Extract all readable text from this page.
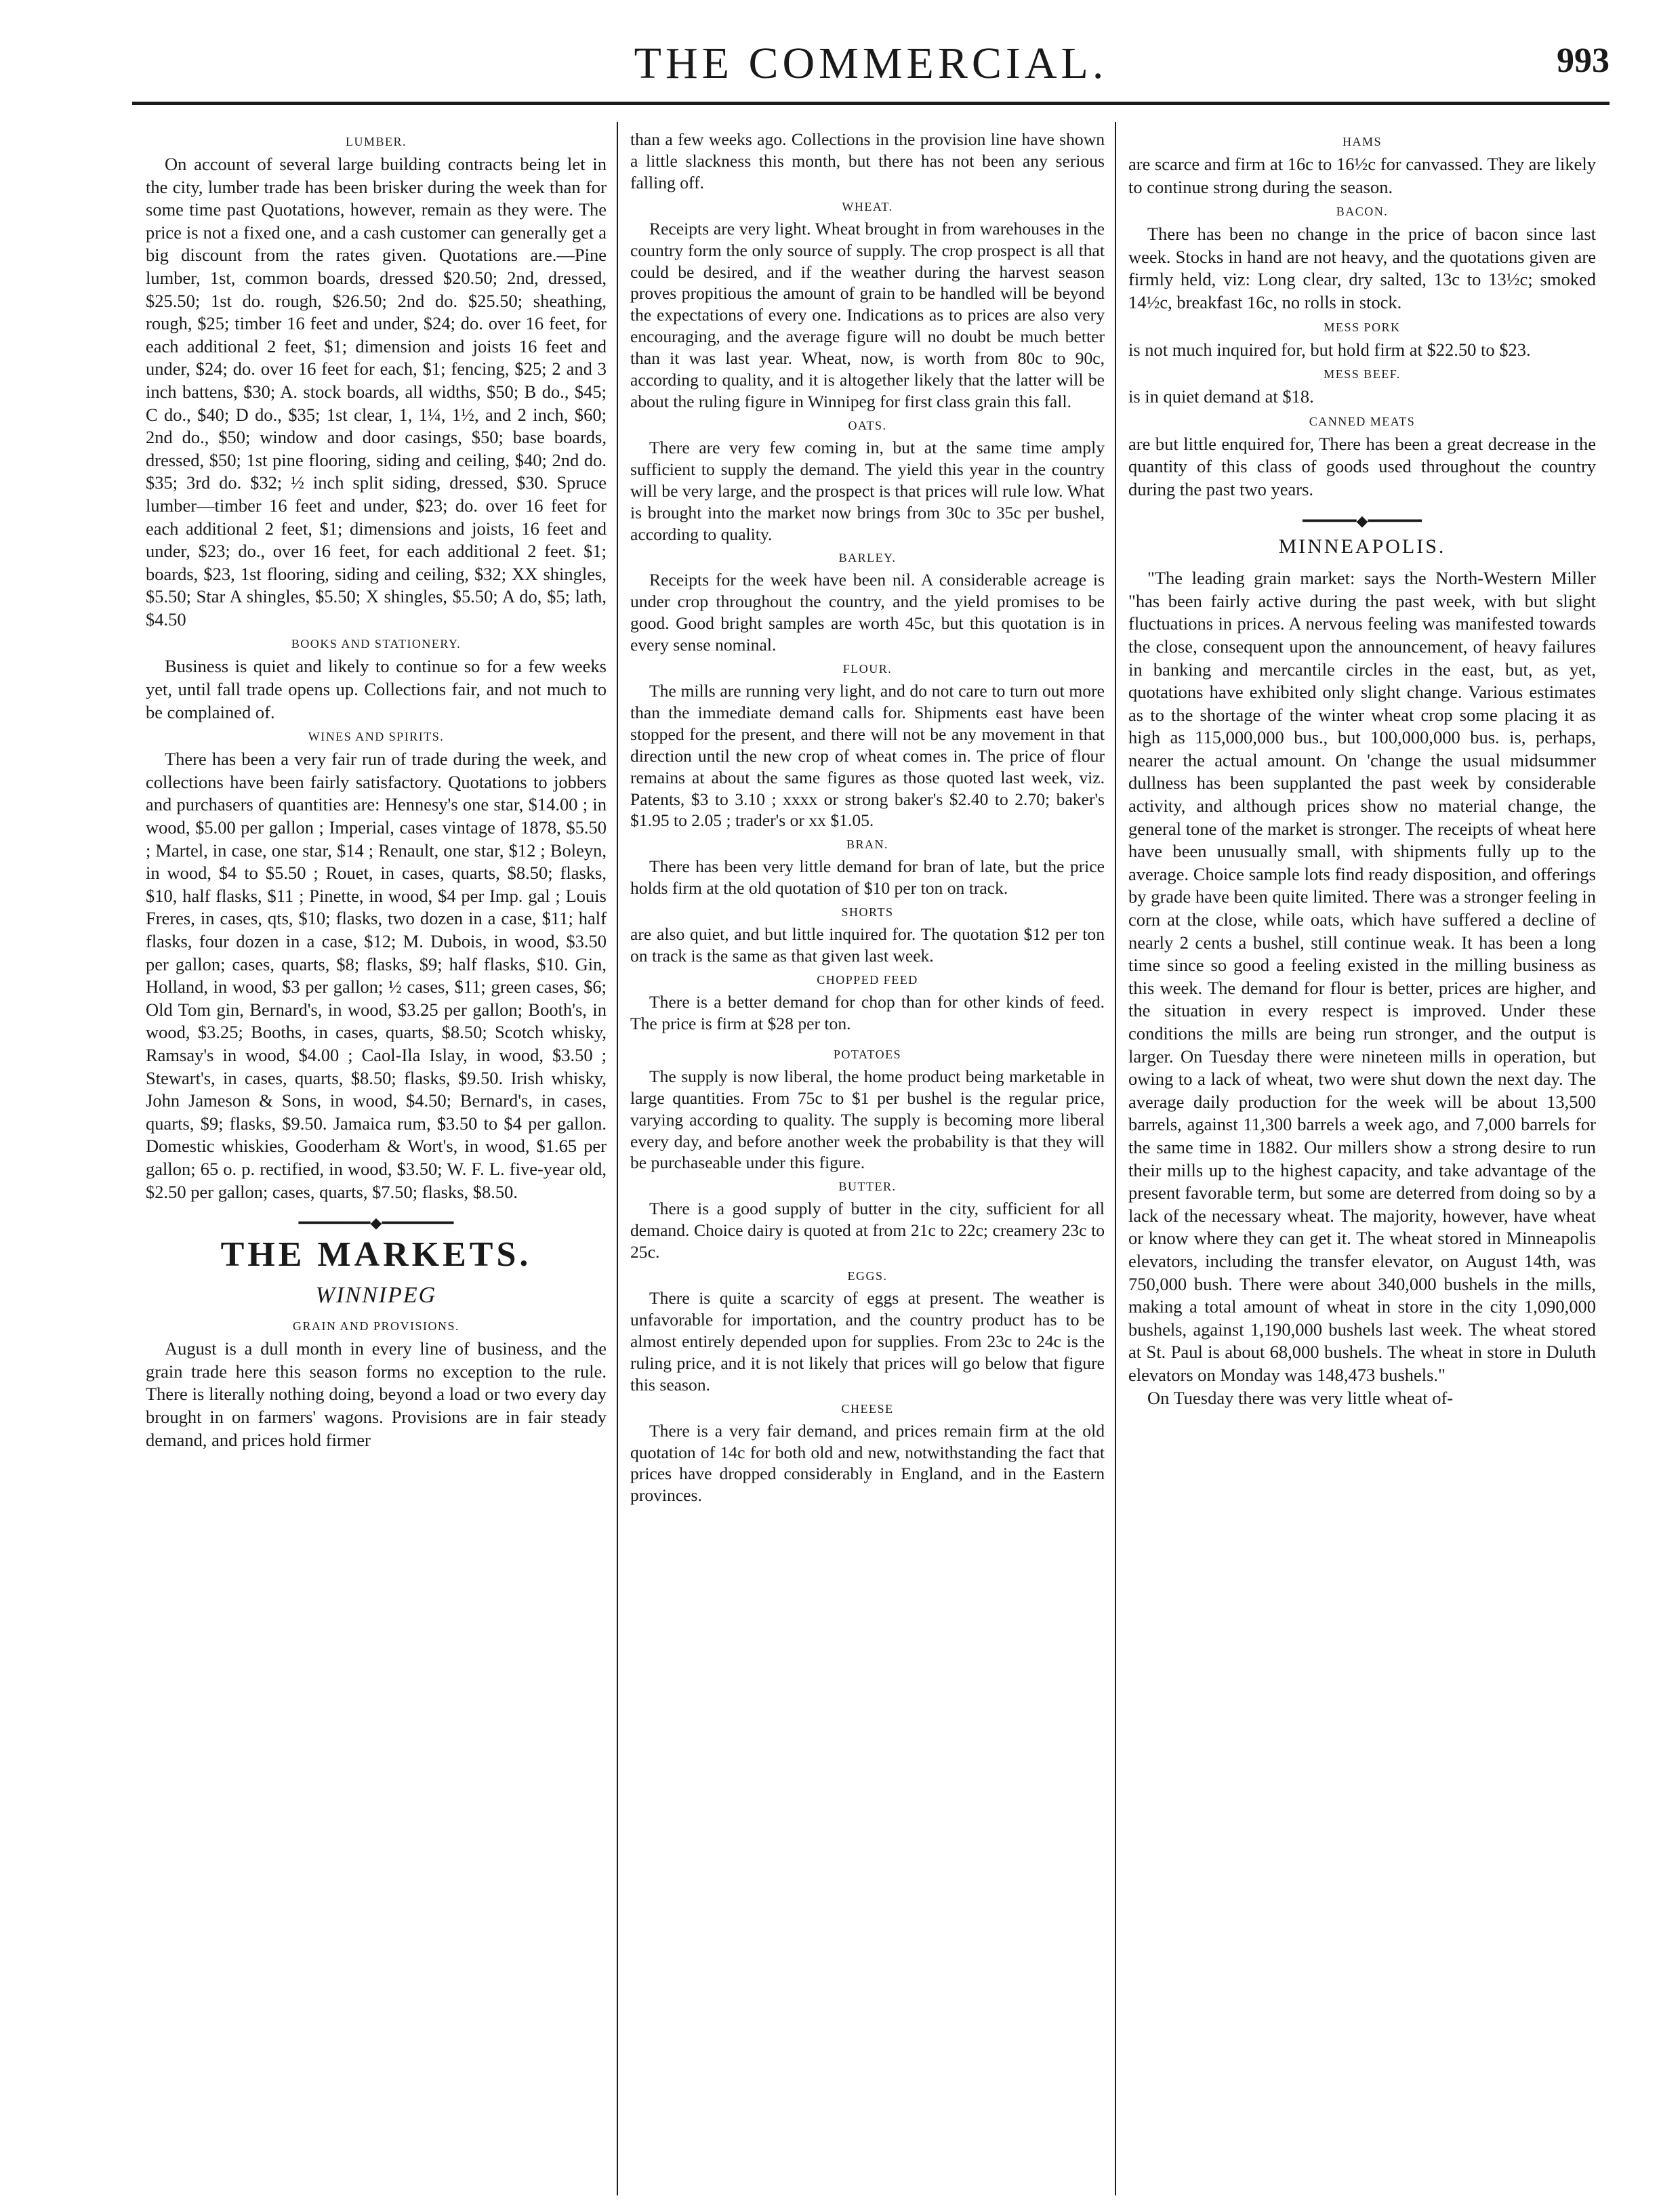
THE COMMERCIAL.	993
LUMBER.

On account of several large building contracts being let in the city, lumber trade has been brisker during the week than for some time past Quotations, however, remain as they were. The price is not a fixed one, and a cash customer can generally get a big discount from the rates given. Quotations are.—Pine lumber, 1st, common boards, dressed $20.50; 2nd, dressed, $25.50; 1st do. rough, $26.50; 2nd do. $25.50; sheathing, rough, $25; timber 16 feet and under, $24; do. over 16 feet, for each additional 2 feet, $1; dimension and joists 16 feet and under, $24; do. over 16 feet for each, $1; fencing, $25; 2 and 3 inch battens, $30; A. stock boards, all widths, $50; B do., $45; C do., $40; D do., $35; 1st clear, 1, 1¼, 1½, and 2 inch, $60; 2nd do., $50; window and door casings, $50; base boards, dressed, $50; 1st pine flooring, siding and ceiling, $40; 2nd do. $35; 3rd do. $32; ½ inch split siding, dressed, $30. Spruce lumber—timber 16 feet and under, $23; do. over 16 feet for each additional 2 feet, $1; dimensions and joists, 16 feet and under, $23; do., over 16 feet, for each additional 2 feet. $1; boards, $23, 1st flooring, siding and ceiling, $32; XX shingles, $5.50; Star A shingles, $5.50; X shingles, $5.50; A do, $5; lath, $4.50

BOOKS AND STATIONERY.

Business is quiet and likely to continue so for a few weeks yet, until fall trade opens up. Collections fair, and not much to be complained of.

WINES AND SPIRITS.

There has been a very fair run of trade during the week, and collections have been fairly satisfactory. Quotations to jobbers and purchasers of quantities are: Hennesy's one star, $14.00 ; in wood, $5.00 per gallon ; Imperial, cases vintage of 1878, $5.50 ; Martel, in case, one star, $14 ; Renault, one star, $12 ; Boleyn, in wood, $4 to $5.50 ; Rouet, in cases, quarts, $8.50; flasks, $10, half flasks, $11 ; Pinette, in wood, $4 per Imp. gal ; Louis Freres, in cases, qts, $10; flasks, two dozen in a case, $11; half flasks, four dozen in a case, $12; M. Dubois, in wood, $3.50 per gallon; cases, quarts, $8; flasks, $9; half flasks, $10. Gin, Holland, in wood, $3 per gallon; ½ cases, $11; green cases, $6; Old Tom gin, Bernard's, in wood, $3.25 per gallon; Booth's, in wood, $3.25; Booths, in cases, quarts, $8.50; Scotch whisky, Ramsay's in wood, $4.00 ; Caol-Ila Islay, in wood, $3.50 ; Stewart's, in cases, quarts, $8.50; flasks, $9.50. Irish whisky, John Jameson & Sons, in wood, $4.50; Bernard's, in cases, quarts, $9; flasks, $9.50. Jamaica rum, $3.50 to $4 per gallon. Domestic whiskies, Gooderham & Wort's, in wood, $1.65 per gallon; 65 o. p. rectified, in wood, $3.50; W. F. L. five-year old, $2.50 per gallon; cases, quarts, $7.50; flasks, $8.50.

━━━━━━━━◆━━━━━━━━
THE MARKETS.
WINNIPEG
GRAIN AND PROVISIONS.

August is a dull month in every line of business, and the grain trade here this season forms no exception to the rule. There is literally nothing doing, beyond a load or two every day brought in on farmers' wagons. Provisions are in fair steady demand, and prices hold firmer

than a few weeks ago. Collections in the provision line have shown a little slackness this month, but there has not been any serious falling off.

WHEAT.

Receipts are very light. Wheat brought in from warehouses in the country form the only source of supply. The crop prospect is all that could be desired, and if the weather during the harvest season proves propitious the amount of grain to be handled will be beyond the expectations of every one. Indications as to prices are also very encouraging, and the average figure will no doubt be much better than it was last year. Wheat, now, is worth from 80c to 90c, according to quality, and it is altogether likely that the latter will be about the ruling figure in Winnipeg for first class grain this fall.

OATS.

There are very few coming in, but at the same time amply sufficient to supply the demand. The yield this year in the country will be very large, and the prospect is that prices will rule low. What is brought into the market now brings from 30c to 35c per bushel, according to quality.

BARLEY.

Receipts for the week have been nil. A considerable acreage is under crop throughout the country, and the yield promises to be good. Good bright samples are worth 45c, but this quotation is in every sense nominal.

FLOUR.

The mills are running very light, and do not care to turn out more than the immediate demand calls for. Shipments east have been stopped for the present, and there will not be any movement in that direction until the new crop of wheat comes in. The price of flour remains at about the same figures as those quoted last week, viz. Patents, $3 to 3.10 ; xxxx or strong baker's $2.40 to 2.70; baker's $1.95 to 2.05 ; trader's or xx $1.05.

BRAN.

There has been very little demand for bran of late, but the price holds firm at the old quotation of $10 per ton on track.

SHORTS

are also quiet, and but little inquired for. The quotation $12 per ton on track is the same as that given last week.

CHOPPED FEED

There is a better demand for chop than for other kinds of feed. The price is firm at $28 per ton.

POTATOES

The supply is now liberal, the home product being marketable in large quantities. From 75c to $1 per bushel is the regular price, varying according to quality. The supply is becoming more liberal every day, and before another week the probability is that they will be purchaseable under this figure.

BUTTER.

There is a good supply of butter in the city, sufficient for all demand. Choice dairy is quoted at from 21c to 22c; creamery 23c to 25c.

EGGS.

There is quite a scarcity of eggs at present. The weather is unfavorable for importation, and the country product has to be almost entirely depended upon for supplies. From 23c to 24c is the ruling price, and it is not likely that prices will go below that figure this season.

CHEESE

There is a very fair demand, and prices remain firm at the old quotation of 14c for both old and new, notwithstanding the fact that prices have dropped considerably in England, and in the Eastern provinces.

HAMS

are scarce and firm at 16c to 16½c for canvassed. They are likely to continue strong during the season.

BACON.

There has been no change in the price of bacon since last week. Stocks in hand are not heavy, and the quotations given are firmly held, viz: Long clear, dry salted, 13c to 13½c; smoked 14½c, breakfast 16c, no rolls in stock.

MESS PORK

is not much inquired for, but hold firm at $22.50 to $23.

MESS BEEF.

is in quiet demand at $18.

CANNED MEATS

are but little enquired for, There has been a great decrease in the quantity of this class of goods used throughout the country during the past two years.

━━━━━━◆━━━━━━
MINNEAPOLIS.

"The leading grain market: says the North-Western Miller "has been fairly active during the past week, with but slight fluctuations in prices. A nervous feeling was manifested towards the close, consequent upon the announcement, of heavy failures in banking and mercantile circles in the east, but, as yet, quotations have exhibited only slight change. Various estimates as to the shortage of the winter wheat crop some placing it as high as 115,000,000 bus., but 100,000,000 bus. is, perhaps, nearer the actual amount. On 'change the usual midsummer dullness has been supplanted the past week by considerable activity, and although prices show no material change, the general tone of the market is stronger. The receipts of wheat here have been unusually small, with shipments fully up to the average. Choice sample lots find ready disposition, and offerings by grade have been quite limited. There was a stronger feeling in corn at the close, while oats, which have suffered a decline of nearly 2 cents a bushel, still continue weak. It has been a long time since so good a feeling existed in the milling business as this week. The demand for flour is better, prices are higher, and the situation in every respect is improved. Under these conditions the mills are being run stronger, and the output is larger. On Tuesday there were nineteen mills in operation, but owing to a lack of wheat, two were shut down the next day. The average daily production for the week will be about 13,500 barrels, against 11,300 barrels a week ago, and 7,000 barrels for the same time in 1882. Our millers show a strong desire to run their mills up to the highest capacity, and take advantage of the present favorable term, but some are deterred from doing so by a lack of the necessary wheat. The majority, however, have wheat or know where they can get it. The wheat stored in Minneapolis elevators, including the transfer elevator, on August 14th, was 750,000 bush. There were about 340,000 bushels in the mills, making a total amount of wheat in store in the city 1,090,000 bushels, against 1,190,000 bushels last week. The wheat stored at St. Paul is about 68,000 bushels. The wheat in store in Duluth elevators on Monday was 148,473 bushels."

On Tuesday there was very little wheat of-
